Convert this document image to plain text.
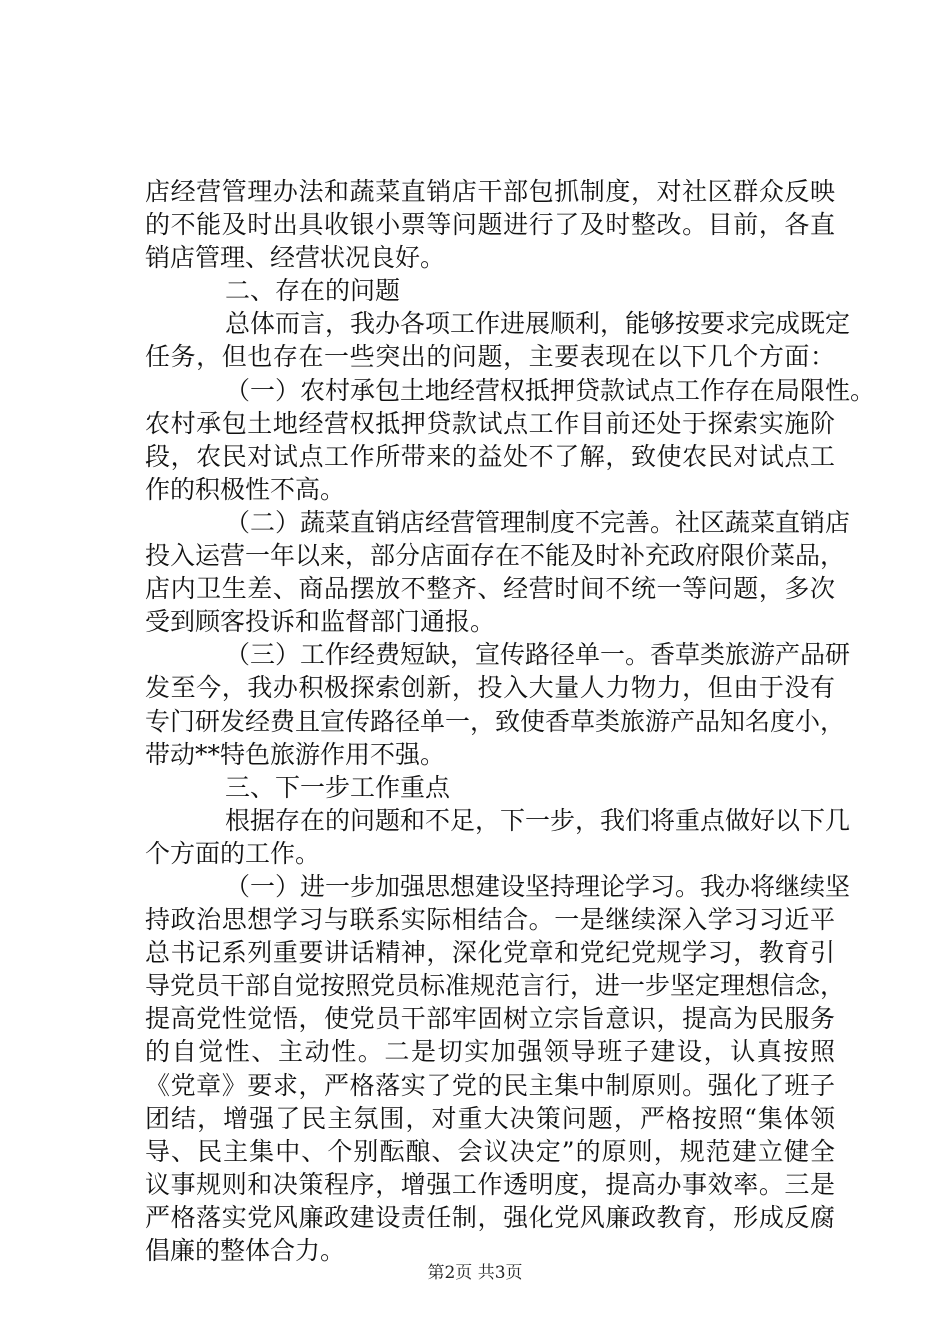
店经营管理办法和蔬菜直销店干部包抓制度，对社区群众反映
的不能及时出具收银小票等问题进行了及时整改。目前，各直
销店管理、经营状况良好。
二、存在的问题
总体而言，我办各项工作进展顺利，能够按要求完成既定
任务，但也存在一些突出的问题，主要表现在以下几个方面：
（一）农村承包土地经营权抵押贷款试点工作存在局限性。
农村承包土地经营权抵押贷款试点工作目前还处于探索实施阶
段，农民对试点工作所带来的益处不了解，致使农民对试点工
作的积极性不高。
（二）蔬菜直销店经营管理制度不完善。社区蔬菜直销店
投入运营一年以来，部分店面存在不能及时补充政府限价菜品，
店内卫生差、商品摆放不整齐、经营时间不统一等问题，多次
受到顾客投诉和监督部门通报。
（三）工作经费短缺，宣传路径单一。香草类旅游产品研
发至今，我办积极探索创新，投入大量人力物力，但由于没有
专门研发经费且宣传路径单一，致使香草类旅游产品知名度小，
带动**特色旅游作用不强。
三、下一步工作重点
根据存在的问题和不足，下一步，我们将重点做好以下几
个方面的工作。
（一）进一步加强思想建设坚持理论学习。我办将继续坚
持政治思想学习与联系实际相结合。一是继续深入学习习近平
总书记系列重要讲话精神，深化党章和党纪党规学习，教育引
导党员干部自觉按照党员标准规范言行，进一步坚定理想信念，
提高党性觉悟，使党员干部牢固树立宗旨意识，提高为民服务
的自觉性、主动性。二是切实加强领导班子建设，认真按照
《党章》要求，严格落实了党的民主集中制原则。强化了班子
团结，增强了民主氛围，对重大决策问题，严格按照“集体领
导、民主集中、个别酝酿、会议决定”的原则，规范建立健全
议事规则和决策程序，增强工作透明度，提高办事效率。三是
严格落实党风廉政建设责任制，强化党风廉政教育，形成反腐
倡廉的整体合力。
第2页 共3页
